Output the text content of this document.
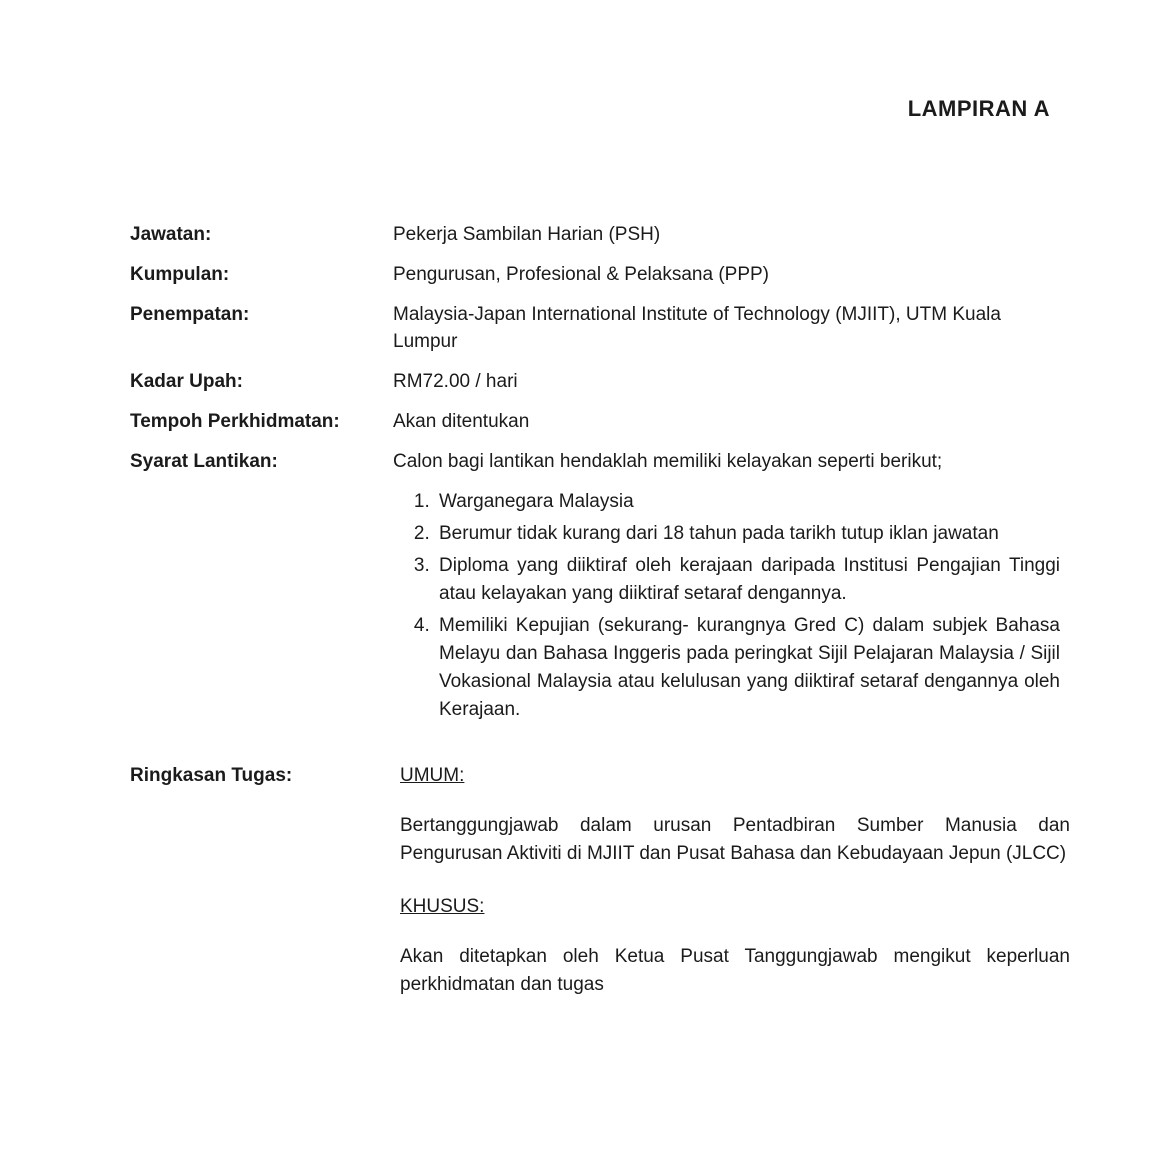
LAMPIRAN A
Jawatan:	Pekerja Sambilan Harian (PSH)
Kumpulan:	Pengurusan, Profesional & Pelaksana (PPP)
Penempatan:	Malaysia-Japan International Institute of Technology (MJIIT), UTM Kuala Lumpur
Kadar Upah:	RM72.00 / hari
Tempoh Perkhidmatan:	Akan ditentukan
Syarat Lantikan:	Calon bagi lantikan hendaklah memiliki kelayakan seperti berikut;
1. Warganegara Malaysia
2. Berumur tidak kurang dari 18 tahun pada tarikh tutup iklan jawatan
3. Diploma yang diiktiraf oleh kerajaan daripada Institusi Pengajian Tinggi atau kelayakan yang diiktiraf setaraf dengannya.
4. Memiliki Kepujian (sekurang- kurangnya Gred C) dalam subjek Bahasa Melayu dan Bahasa Inggeris pada peringkat Sijil Pelajaran Malaysia / Sijil Vokasional Malaysia atau kelulusan yang diiktiraf setaraf dengannya oleh Kerajaan.
Ringkasan Tugas:	UMUM:

Bertanggungjawab dalam urusan Pentadbiran Sumber Manusia dan Pengurusan Aktiviti di MJIIT dan Pusat Bahasa dan Kebudayaan Jepun (JLCC)

KHUSUS:

Akan ditetapkan oleh Ketua Pusat Tanggungjawab mengikut keperluan perkhidmatan dan tugas
